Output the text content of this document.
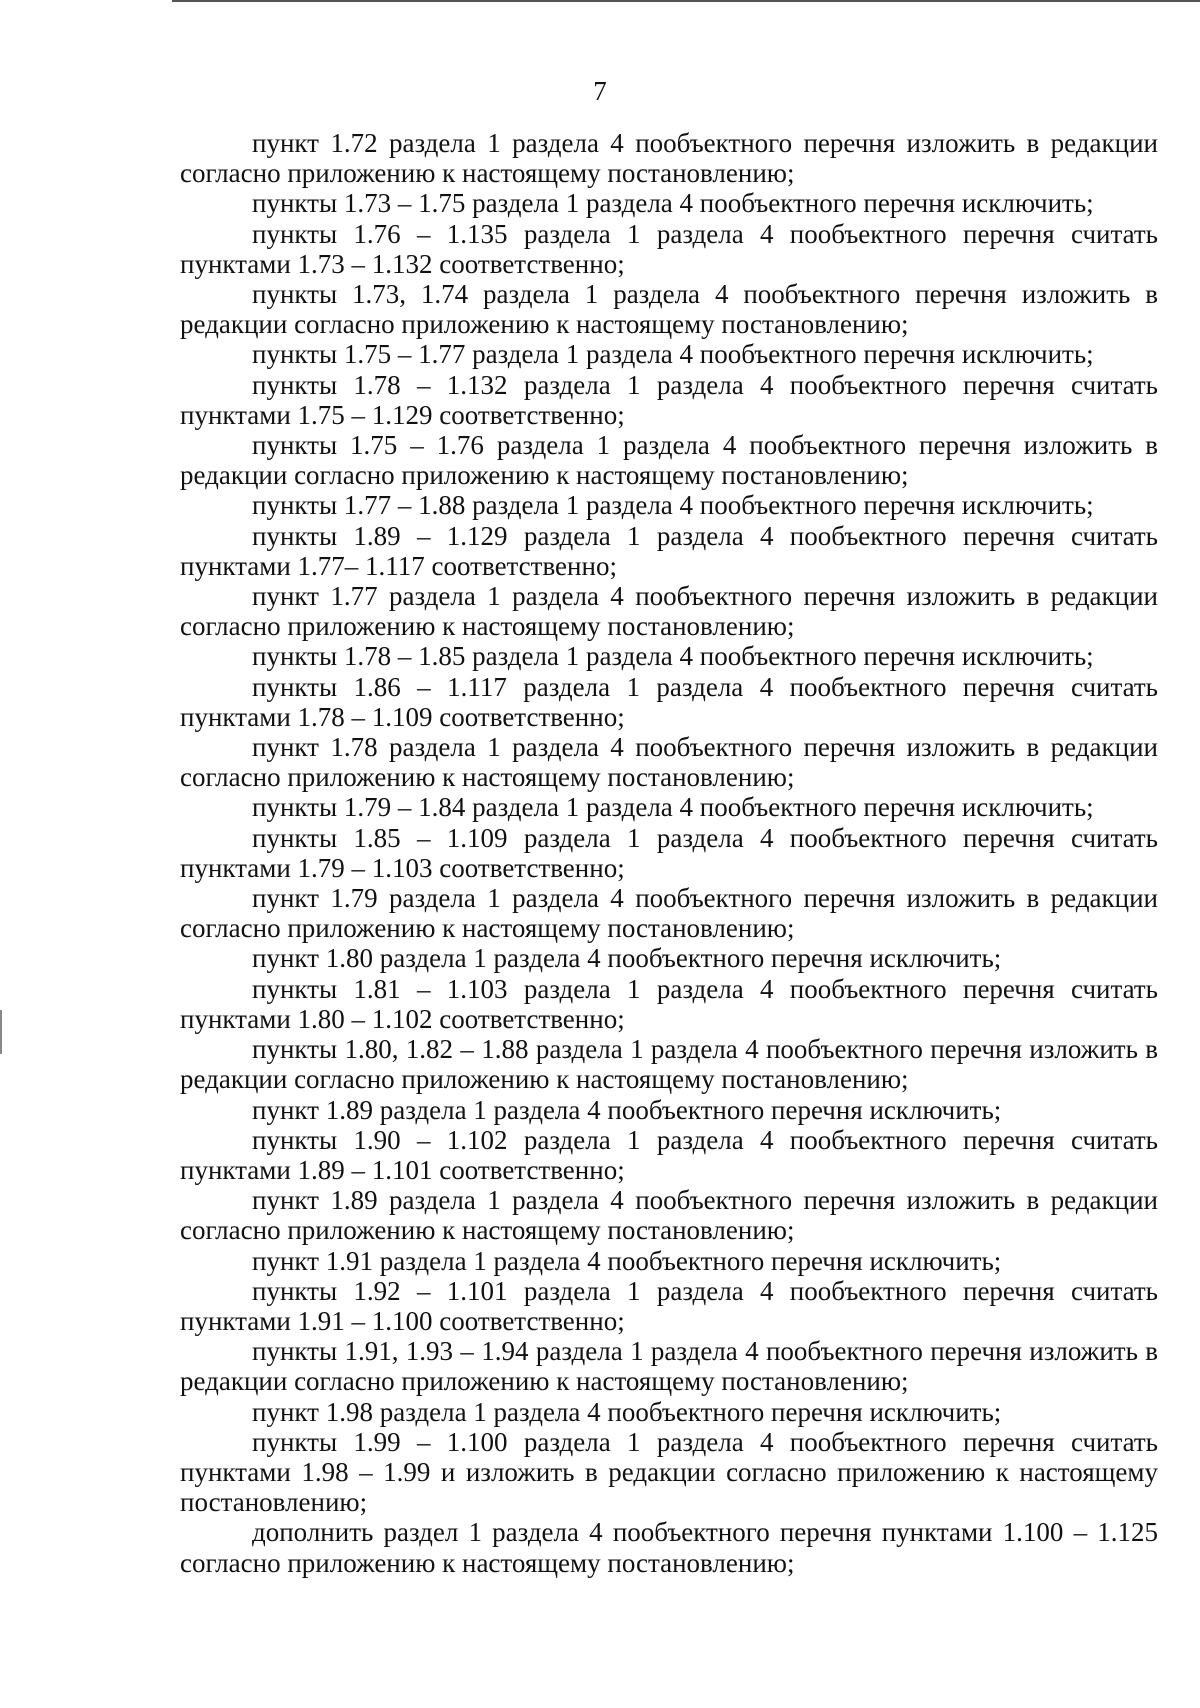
7

пункт 1.72 раздела 1 раздела 4 пообъектного перечня изложить в редакции согласно приложению к настоящему постановлению;

пункты 1.73 – 1.75 раздела 1 раздела 4 пообъектного перечня исключить;

пункты 1.76 – 1.135 раздела 1 раздела 4 пообъектного перечня считать пунктами 1.73 – 1.132 соответственно;

пункты 1.73, 1.74 раздела 1 раздела 4 пообъектного перечня изложить в редакции согласно приложению к настоящему постановлению;

пункты 1.75 – 1.77 раздела 1 раздела 4 пообъектного перечня исключить;

пункты 1.78 – 1.132 раздела 1 раздела 4 пообъектного перечня считать пунктами 1.75 – 1.129 соответственно;

пункты 1.75 – 1.76 раздела 1 раздела 4 пообъектного перечня изложить в редакции согласно приложению к настоящему постановлению;

пункты 1.77 – 1.88 раздела 1 раздела 4 пообъектного перечня исключить;

пункты 1.89 – 1.129 раздела 1 раздела 4 пообъектного перечня считать пунктами 1.77– 1.117 соответственно;

пункт 1.77 раздела 1 раздела 4 пообъектного перечня изложить в редакции согласно приложению к настоящему постановлению;

пункты 1.78 – 1.85 раздела 1 раздела 4 пообъектного перечня исключить;

пункты 1.86 – 1.117 раздела 1 раздела 4 пообъектного перечня считать пунктами 1.78 – 1.109 соответственно;

пункт 1.78 раздела 1 раздела 4 пообъектного перечня изложить в редакции согласно приложению к настоящему постановлению;

пункты 1.79 – 1.84 раздела 1 раздела 4 пообъектного перечня исключить;

пункты 1.85 – 1.109 раздела 1 раздела 4 пообъектного перечня считать пунктами 1.79 – 1.103 соответственно;

пункт 1.79 раздела 1 раздела 4 пообъектного перечня изложить в редакции согласно приложению к настоящему постановлению;

пункт 1.80 раздела 1 раздела 4 пообъектного перечня исключить;

пункты 1.81 – 1.103 раздела 1 раздела 4 пообъектного перечня считать пунктами 1.80 – 1.102 соответственно;

пункты 1.80, 1.82 – 1.88 раздела 1 раздела 4 пообъектного перечня изложить в редакции согласно приложению к настоящему постановлению;

пункт 1.89 раздела 1 раздела 4 пообъектного перечня исключить;

пункты 1.90 – 1.102 раздела 1 раздела 4 пообъектного перечня считать пунктами 1.89 – 1.101 соответственно;

пункт 1.89 раздела 1 раздела 4 пообъектного перечня изложить в редакции согласно приложению к настоящему постановлению;

пункт 1.91 раздела 1 раздела 4 пообъектного перечня исключить;

пункты 1.92 – 1.101 раздела 1 раздела 4 пообъектного перечня считать пунктами 1.91 – 1.100 соответственно;

пункты 1.91, 1.93 – 1.94 раздела 1 раздела 4 пообъектного перечня изложить в редакции согласно приложению к настоящему постановлению;

пункт 1.98 раздела 1 раздела 4 пообъектного перечня исключить;

пункты 1.99 – 1.100 раздела 1 раздела 4 пообъектного перечня считать пунктами 1.98 – 1.99 и изложить в редакции согласно приложению к настоящему постановлению;

дополнить раздел 1 раздела 4 пообъектного перечня пунктами 1.100 – 1.125 согласно приложению к настоящему постановлению;
